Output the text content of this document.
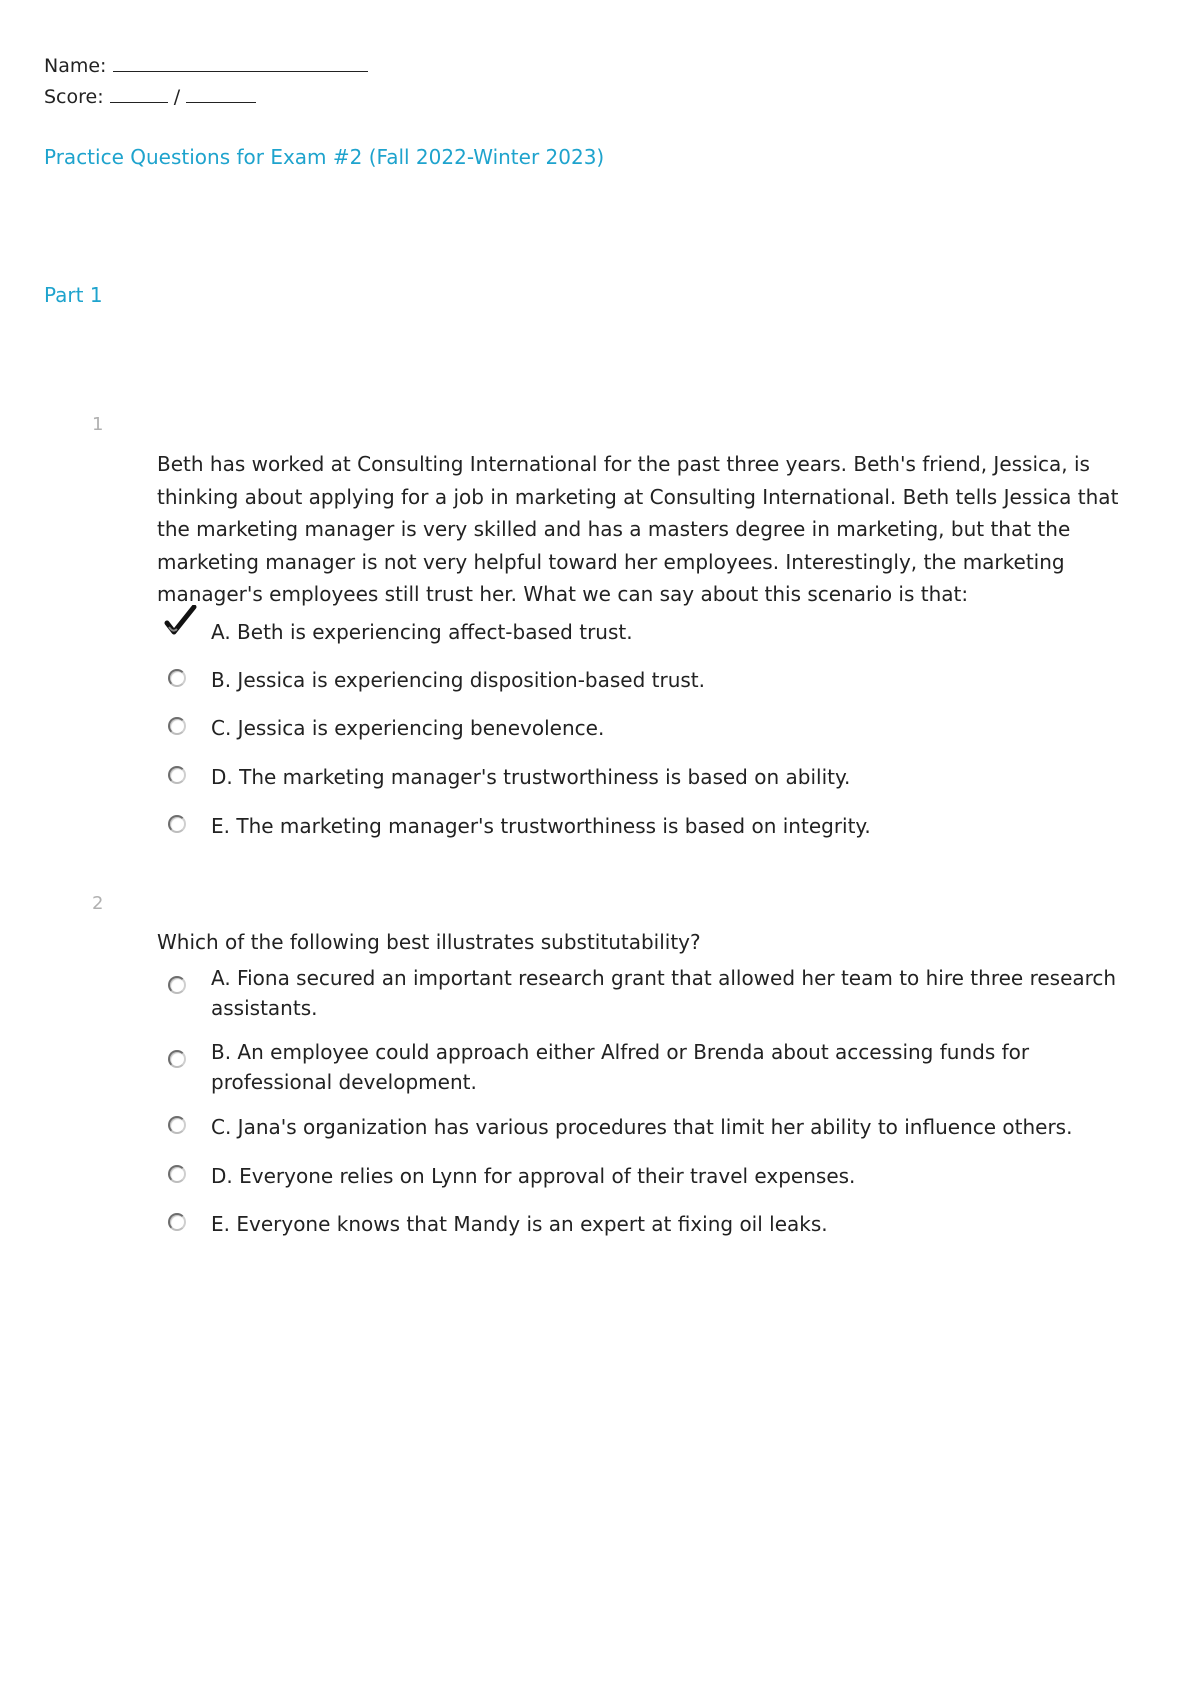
Name:
Score:	/
Practice Questions for Exam #2 (Fall 2022-Winter 2023)
Part 1
1
Beth has worked at Consulting International for the past three years. Beth's friend, Jessica, is thinking about applying for a job in marketing at Consulting International. Beth tells Jessica that the marketing manager is very skilled and has a masters degree in marketing, but that the marketing manager is not very helpful toward her employees. Interestingly, the marketing manager's employees still trust her. What we can say about this scenario is that:
A. Beth is experiencing affect-based trust.
B. Jessica is experiencing disposition-based trust.
C. Jessica is experiencing benevolence.
D. The marketing manager's trustworthiness is based on ability.
E. The marketing manager's trustworthiness is based on integrity.
2
Which of the following best illustrates substitutability?
A. Fiona secured an important research grant that allowed her team to hire three research assistants.
B. An employee could approach either Alfred or Brenda about accessing funds for professional development.
C. Jana's organization has various procedures that limit her ability to influence others.
D. Everyone relies on Lynn for approval of their travel expenses.
E. Everyone knows that Mandy is an expert at fixing oil leaks.
